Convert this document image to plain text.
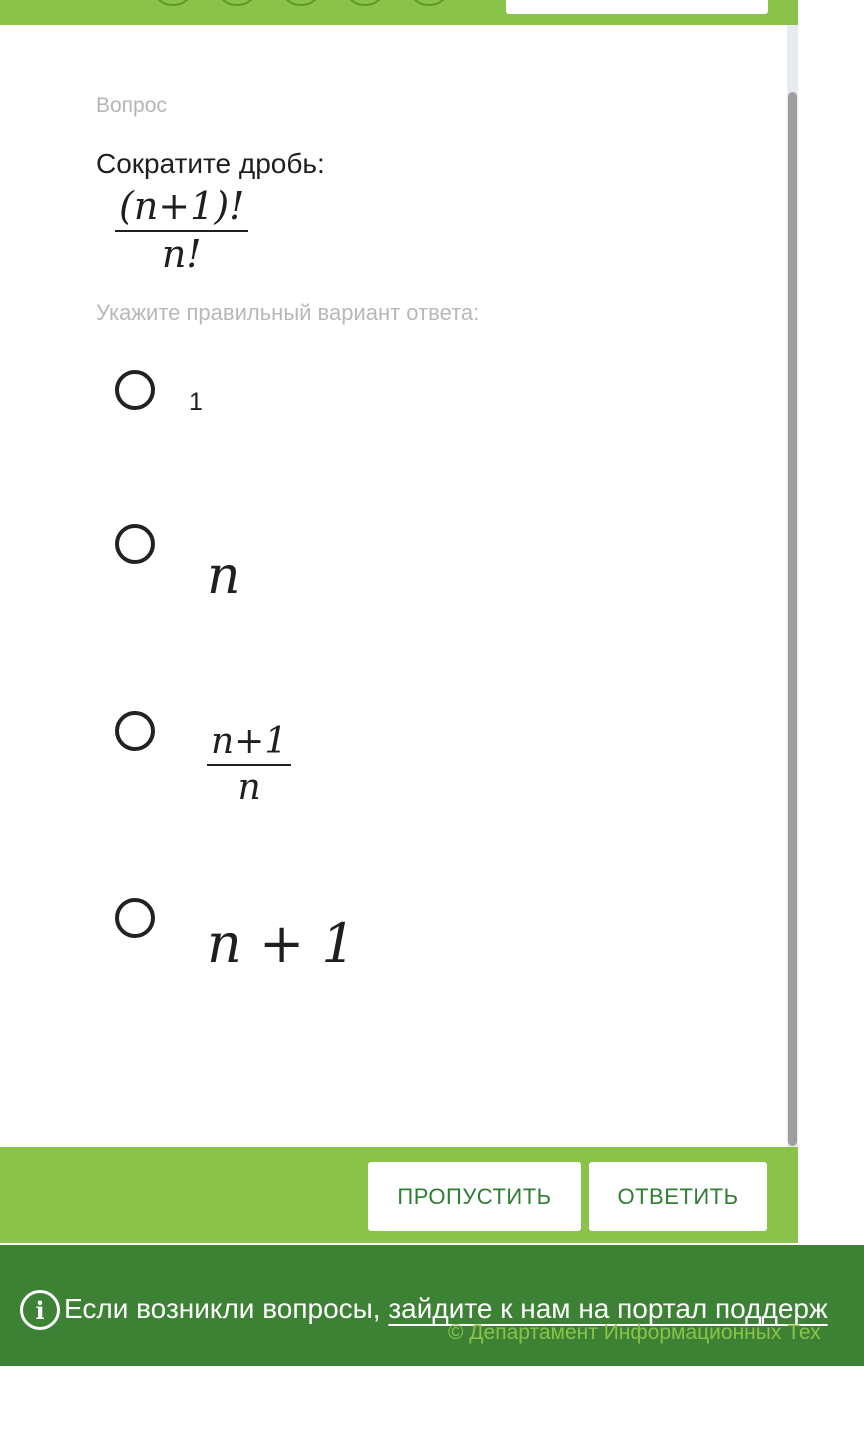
Вопрос
Сократите дробь:
(n+1)!
n!
Укажите правильный вариант ответа:
1
n
n+1
n
n + 1
ПРОПУСТИТЬ	ОТВЕТИТЬ
i Если возникли вопросы, зайдите к нам на портал поддерж
© Департамент Информационных Тех
